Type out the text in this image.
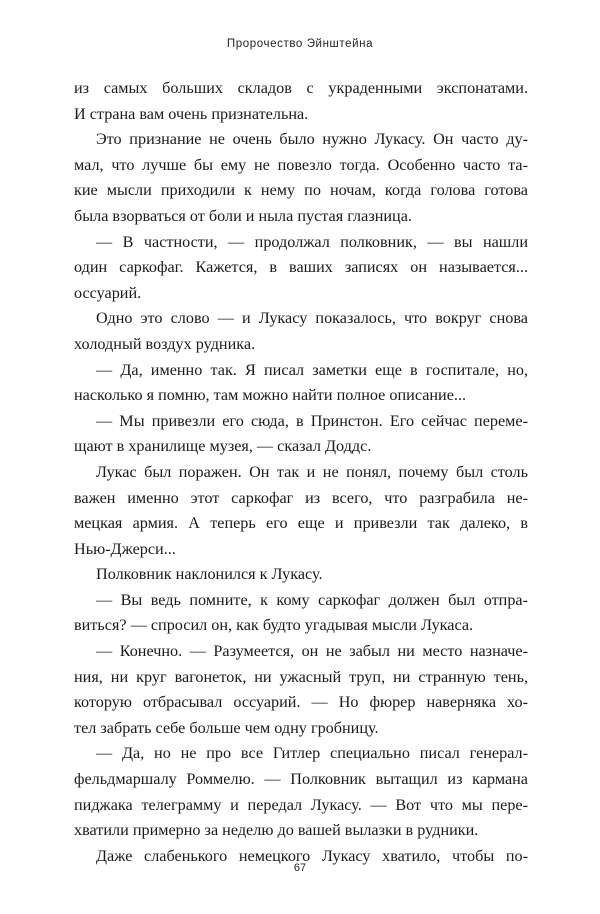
Пророчество Эйнштейна
из самых больших складов с украденными экспонатами.
И страна вам очень признательна.
Это признание не очень было нужно Лукасу. Он часто ду-
мал, что лучше бы ему не повезло тогда. Особенно часто та-
кие мысли приходили к нему по ночам, когда голова готова
была взорваться от боли и ныла пустая глазница.
— В частности, — продолжал полковник, — вы нашли
один саркофаг. Кажется, в ваших записях он называется...
оссуарий.
Одно это слово — и Лукасу показалось, что вокруг снова
холодный воздух рудника.
— Да, именно так. Я писал заметки еще в госпитале, но,
насколько я помню, там можно найти полное описание...
— Мы привезли его сюда, в Принстон. Его сейчас переме-
щают в хранилище музея, — сказал Доддс.
Лукас был поражен. Он так и не понял, почему был столь
важен именно этот саркофаг из всего, что разграбила не-
мецкая армия. А теперь его еще и привезли так далеко, в
Нью-Джерси...
Полковник наклонился к Лукасу.
— Вы ведь помните, к кому саркофаг должен был отпра-
виться? — спросил он, как будто угадывая мысли Лукаса.
— Конечно. — Разумеется, он не забыл ни место назначе-
ния, ни круг вагонеток, ни ужасный труп, ни странную тень,
которую отбрасывал оссуарий. — Но фюрер наверняка хо-
тел забрать себе больше чем одну гробницу.
— Да, но не про все Гитлер специально писал генерал-
фельдмаршалу Роммелю. — Полковник вытащил из кармана
пиджака телеграмму и передал Лукасу. — Вот что мы пере-
хватили примерно за неделю до вашей вылазки в рудники.
Даже слабенького немецкого Лукасу хватило, чтобы по-
67
